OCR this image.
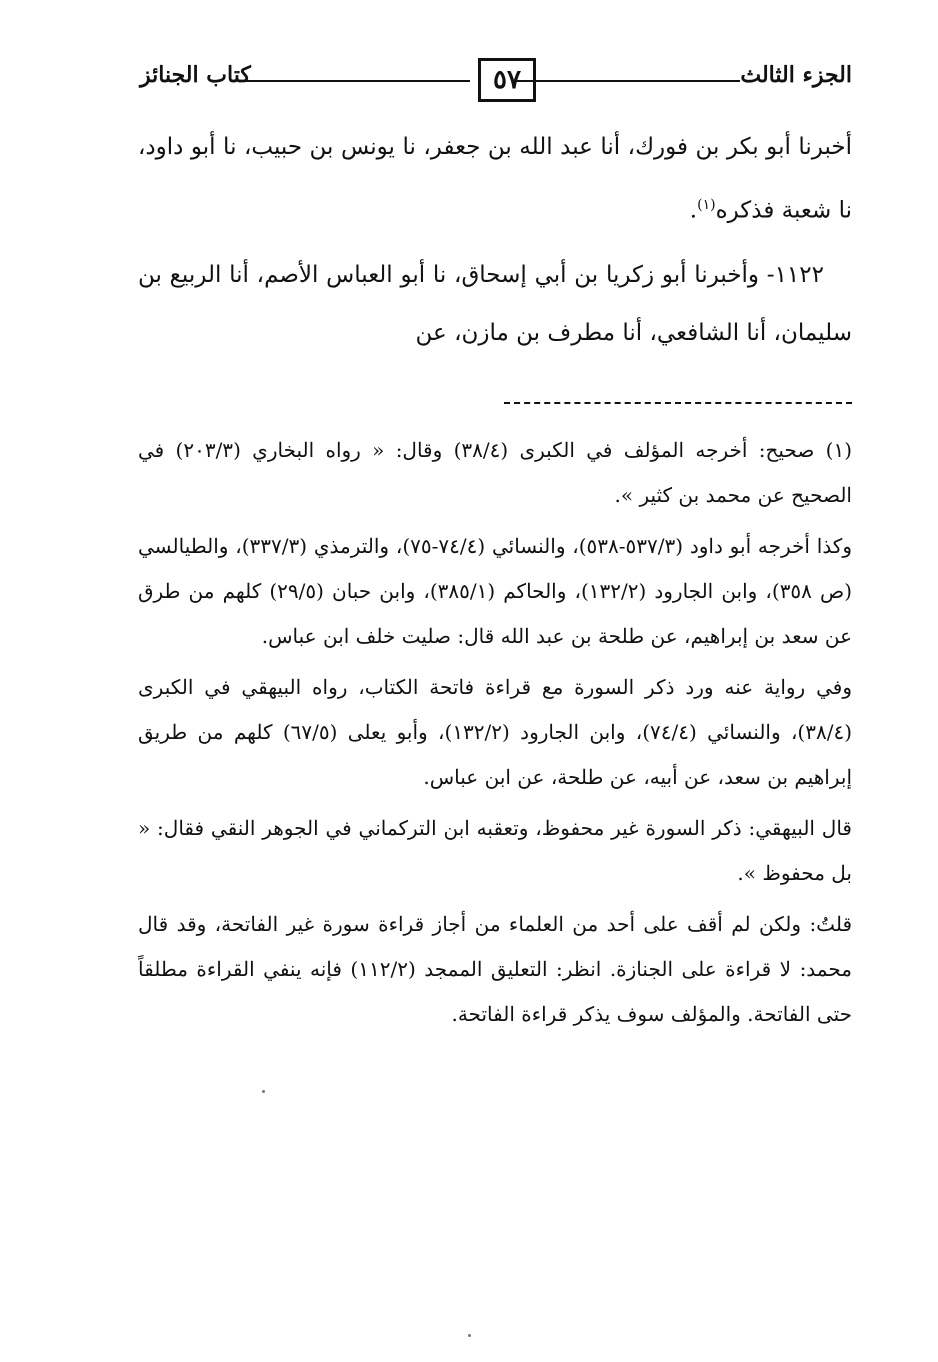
الجزء الثالث
٥٧
كتاب الجنائز

أخبرنا أبو بكر بن فورك، أنا عبد الله بن جعفر، نا يونس بن حبيب، نا أبو داود، نا شعبة فذكره$^{(١)}$.

١١٢٢- وأخبرنا أبو زكريا بن أبي إسحاق، نا أبو العباس الأصم، أنا الربيع بن سليمان، أنا الشافعي، أنا مطرف بن مازن، عن

(١) صحيح: أخرجه المؤلف في الكبرى (٣٨/٤) وقال: « رواه البخاري (٢٠٣/٣) في الصحيح عن محمد بن كثير ».

وكذا أخرجه أبو داود (٥٣٧/٣-٥٣٨)، والنسائي (٧٤/٤-٧٥)، والترمذي (٣٣٧/٣)، والطيالسي (ص ٣٥٨)، وابن الجارود (١٣٢/٢)، والحاكم (٣٨٥/١)، وابن حبان (٢٩/٥) كلهم من طرق عن سعد بن إبراهيم، عن طلحة بن عبد الله قال: صليت خلف ابن عباس.

وفي رواية عنه ورد ذكر السورة مع قراءة فاتحة الكتاب، رواه البيهقي في الكبرى (٣٨/٤)، والنسائي (٧٤/٤)، وابن الجارود (١٣٢/٢)، وأبو يعلى (٦٧/٥) كلهم من طريق إبراهيم بن سعد، عن أبيه، عن طلحة، عن ابن عباس.

قال البيهقي: ذكر السورة غير محفوظ، وتعقبه ابن التركماني في الجوهر النقي فقال: « بل محفوظ ».

قلتُ: ولكن لم أقف على أحد من العلماء من أجاز قراءة سورة غير الفاتحة، وقد قال محمد: لا قراءة على الجنازة. انظر: التعليق الممجد (١١٢/٢) فإنه ينفي القراءة مطلقاً حتى الفاتحة. والمؤلف سوف يذكر قراءة الفاتحة.
